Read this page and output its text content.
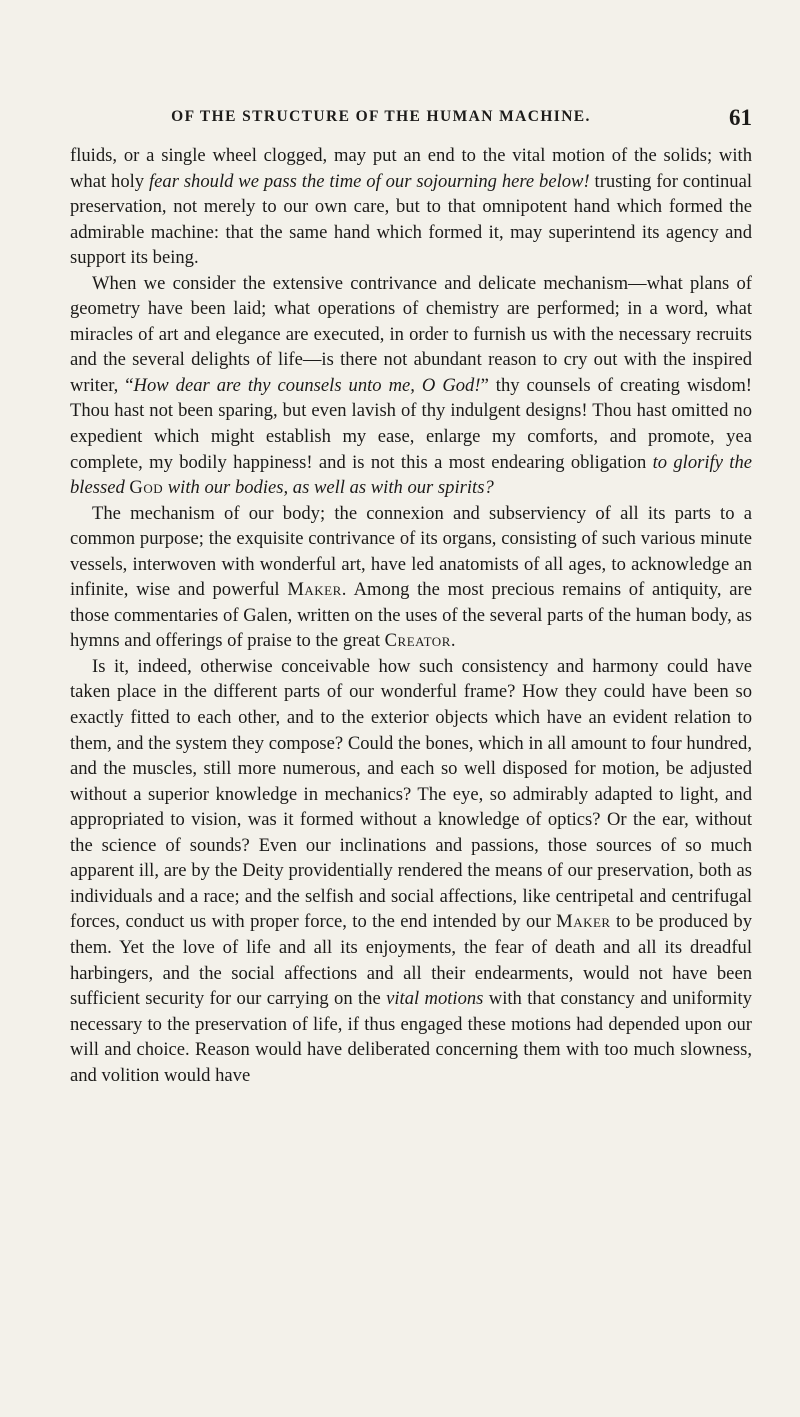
OF THE STRUCTURE OF THE HUMAN MACHINE.	61

fluids, or a single wheel clogged, may put an end to the vital motion of the solids; with what holy fear should we pass the time of our sojourning here below! trusting for continual preservation, not merely to our own care, but to that omnipotent hand which formed the admirable machine: that the same hand which formed it, may superintend its agency and support its being.

When we consider the extensive contrivance and delicate mechanism—what plans of geometry have been laid; what operations of chemistry are performed; in a word, what miracles of art and elegance are executed, in order to furnish us with the necessary recruits and the several delights of life—is there not abundant reason to cry out with the inspired writer, “How dear are thy counsels unto me, O God!” thy counsels of creating wisdom! Thou hast not been sparing, but even lavish of thy indulgent designs! Thou hast omitted no expedient which might establish my ease, enlarge my comforts, and promote, yea complete, my bodily happiness! and is not this a most endearing obligation to glorify the blessed God with our bodies, as well as with our spirits?

The mechanism of our body; the connexion and subserviency of all its parts to a common purpose; the exquisite contrivance of its organs, consisting of such various minute vessels, interwoven with wonderful art, have led anatomists of all ages, to acknowledge an infinite, wise and powerful Maker. Among the most precious remains of antiquity, are those commentaries of Galen, written on the uses of the several parts of the human body, as hymns and offerings of praise to the great Creator.

Is it, indeed, otherwise conceivable how such consistency and harmony could have taken place in the different parts of our wonderful frame? How they could have been so exactly fitted to each other, and to the exterior objects which have an evident relation to them, and the system they compose? Could the bones, which in all amount to four hundred, and the muscles, still more numerous, and each so well disposed for motion, be adjusted without a superior knowledge in mechanics? The eye, so admirably adapted to light, and appropriated to vision, was it formed without a knowledge of optics? Or the ear, without the science of sounds? Even our inclinations and passions, those sources of so much apparent ill, are by the Deity providentially rendered the means of our preservation, both as individuals and a race; and the selfish and social affections, like centripetal and centrifugal forces, conduct us with proper force, to the end intended by our Maker to be produced by them. Yet the love of life and all its enjoyments, the fear of death and all its dreadful harbingers, and the social affections and all their endearments, would not have been sufficient security for our carrying on the vital motions with that constancy and uniformity necessary to the preservation of life, if thus engaged these motions had depended upon our will and choice. Reason would have deliberated concerning them with too much slowness, and volition would have
